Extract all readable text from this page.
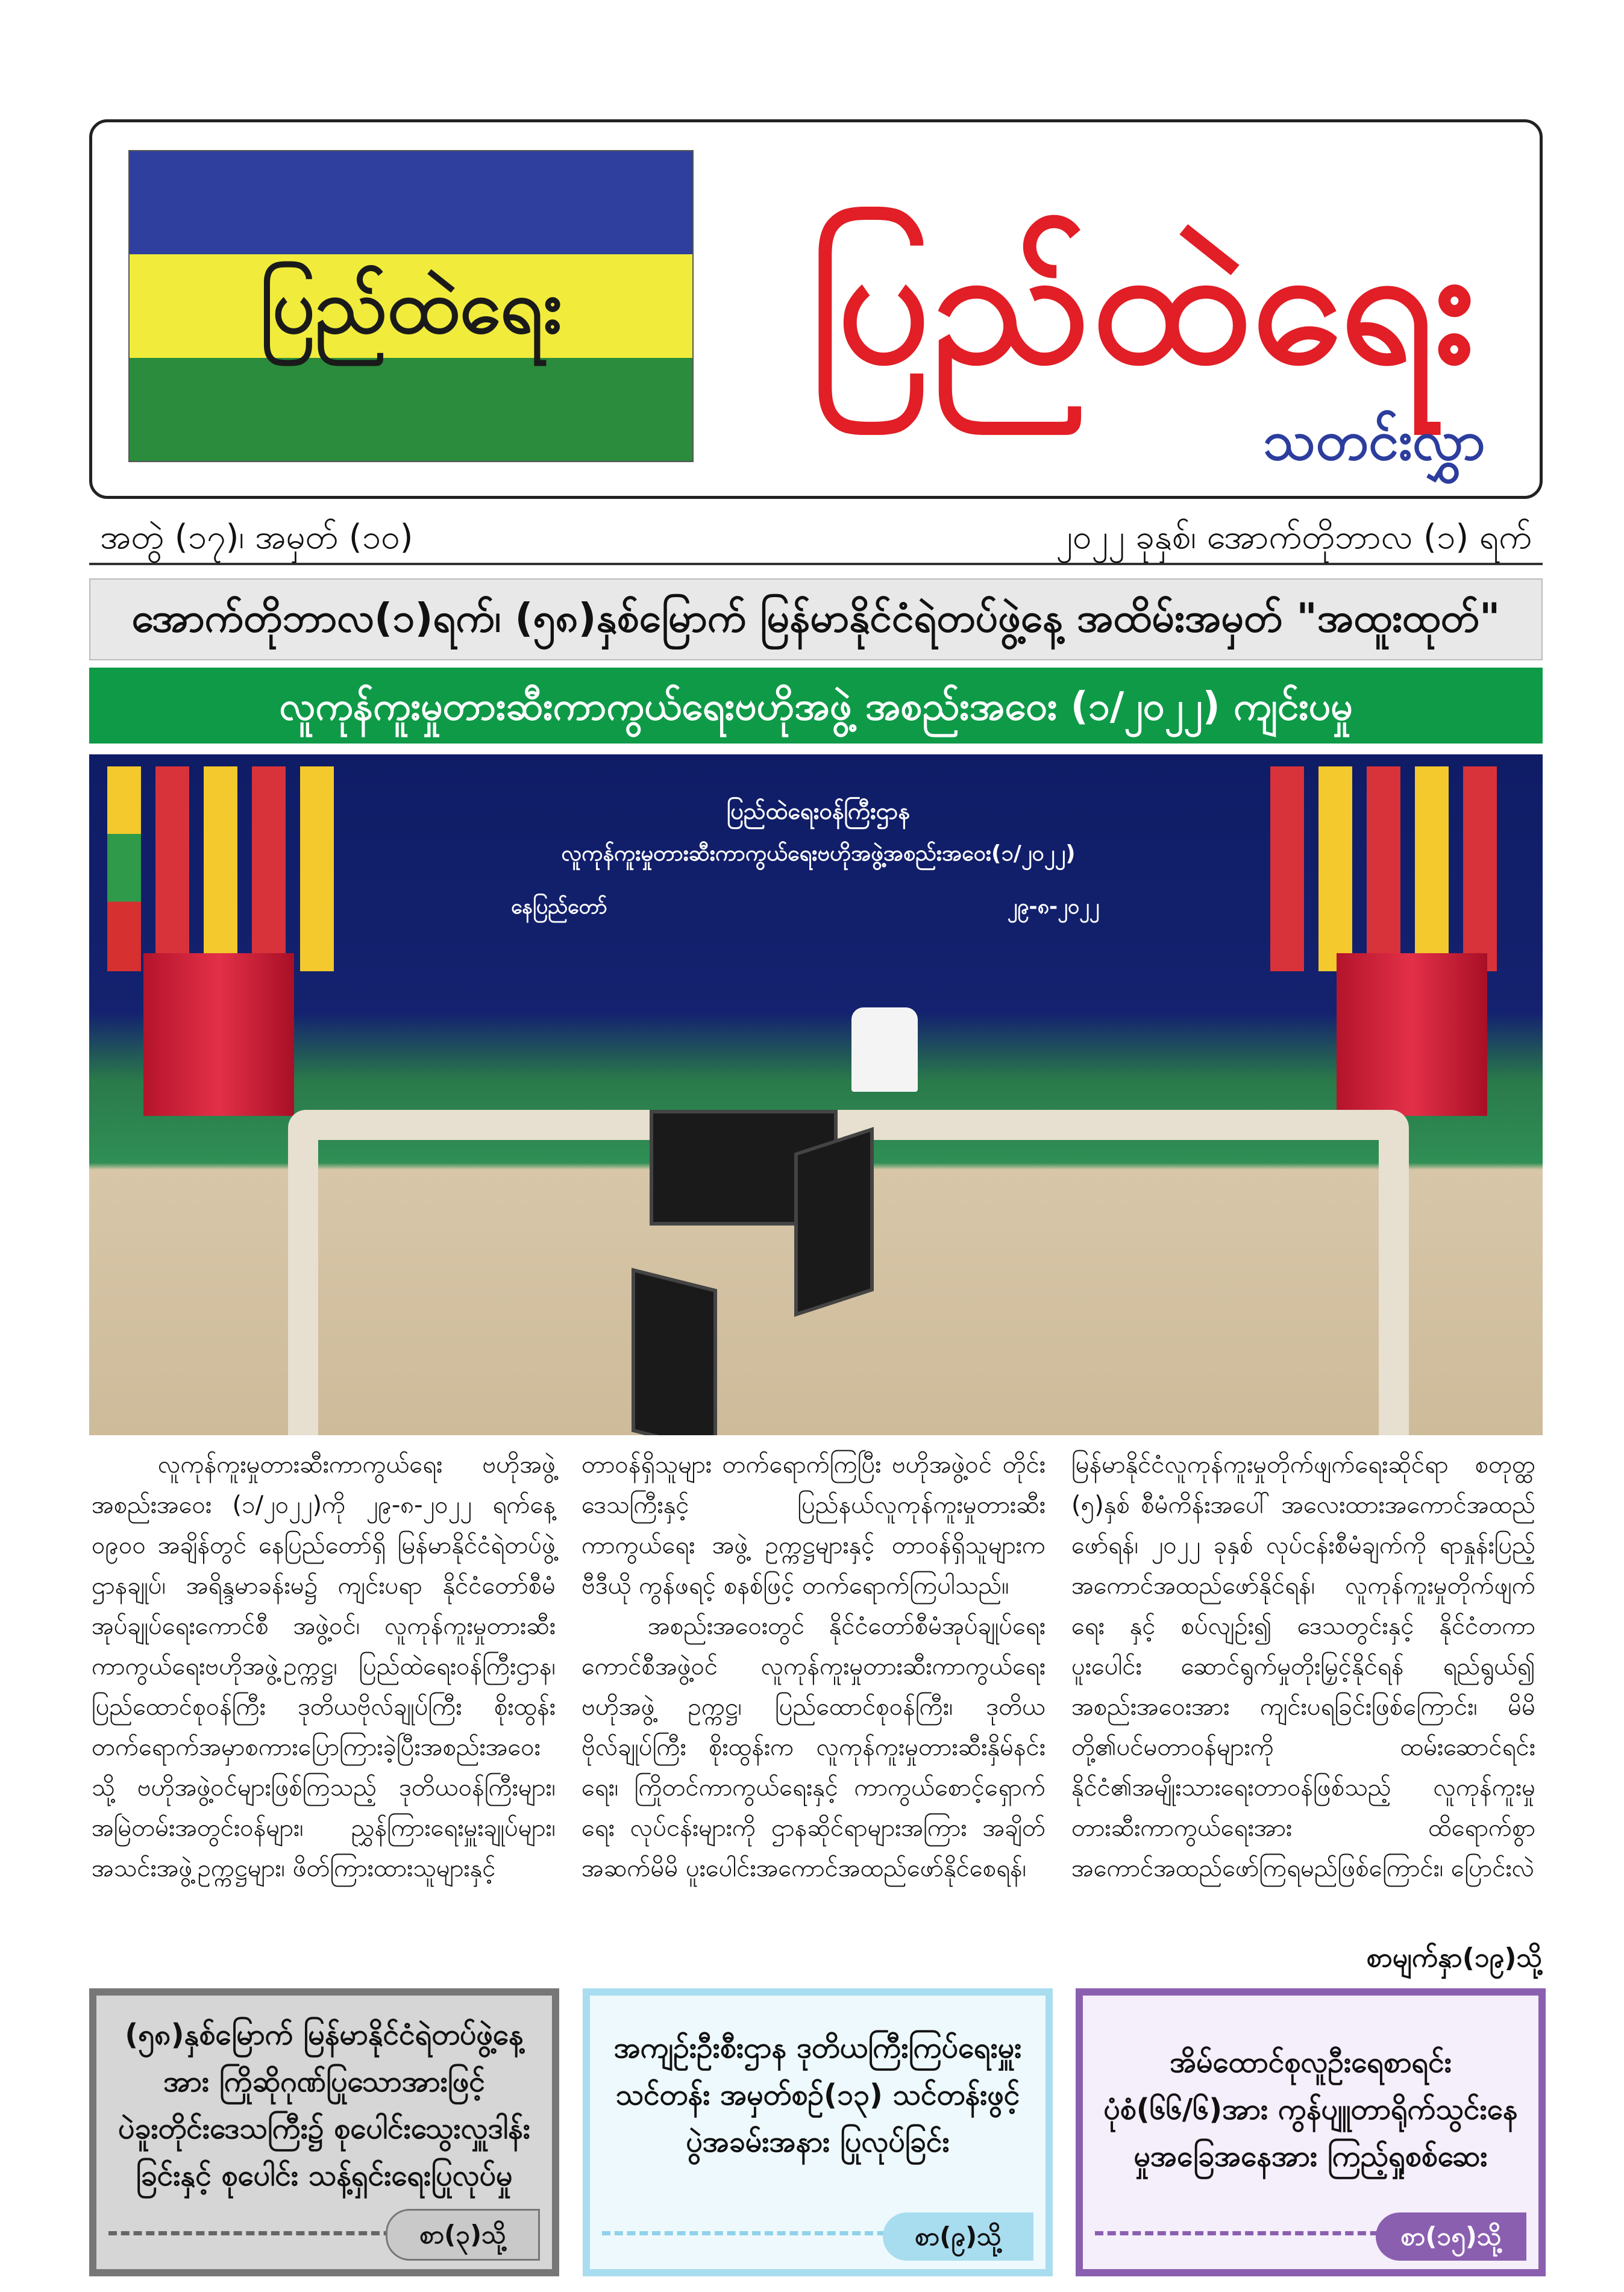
ပြည်ထဲရေး	ပြည်ထဲရေး
သတင်းလွှာ
အတွဲ (၁၇)၊ အမှတ် (၁၀)	၂၀၂၂ ခုနှစ်၊ အောက်တိုဘာလ (၁) ရက်
အောက်တိုဘာလ(၁)ရက်၊ (၅၈)နှစ်မြောက် မြန်မာနိုင်ငံရဲတပ်ဖွဲ့နေ့ အထိမ်းအမှတ် "အထူးထုတ်"
လူကုန်ကူးမှုတားဆီးကာကွယ်ရေးဗဟိုအဖွဲ့ အစည်းအဝေး (၁/၂၀၂၂) ကျင်းပမှု
ပြည်ထဲရေးဝန်ကြီးဌာန
လူကုန်ကူးမှုတားဆီးကာကွယ်ရေးဗဟိုအဖွဲ့အစည်းအဝေး(၁/၂၀၂၂)
နေပြည်တော်	၂၉-၈-၂၀၂၂
လူကုန်ကူးမှုတားဆီးကာကွယ်ရေး ဗဟိုအဖွဲ့ အစည်းအဝေး (၁/၂၀၂၂)ကို ၂၉-၈-၂၀၂၂ ရက်နေ့ ၀၉၀၀ အချိန်တွင် နေပြည်တော်ရှိ မြန်မာနိုင်ငံရဲတပ်ဖွဲ့ ဌာနချုပ်၊ အရိန္ဒမာခန်းမ၌ ကျင်းပရာ နိုင်ငံတော်စီမံ အုပ်ချုပ်ရေးကောင်စီ အဖွဲ့ဝင်၊ လူကုန်ကူးမှုတားဆီး ကာကွယ်ရေးဗဟိုအဖွဲ့ဥက္ကဋ္ဌ၊ ပြည်ထဲရေးဝန်ကြီးဌာန၊ ပြည်ထောင်စုဝန်ကြီး ဒုတိယဗိုလ်ချုပ်ကြီး စိုးထွန်း တက်ရောက်အမှာစကားပြောကြားခဲ့ပြီးအစည်းအဝေးသို့ ဗဟိုအဖွဲ့ဝင်များဖြစ်ကြသည့် ဒုတိယဝန်ကြီးများ၊ အမြဲတမ်းအတွင်းဝန်များ၊ ညွှန်ကြားရေးမှူးချုပ်များ၊ အသင်းအဖွဲ့ဥက္ကဋ္ဌများ၊ ဖိတ်ကြားထားသူများနှင့်
တာဝန်ရှိသူများ တက်ရောက်ကြပြီး ဗဟိုအဖွဲ့ဝင် တိုင်း ဒေသကြီးနှင့် ပြည်နယ်လူကုန်ကူးမှုတားဆီးကာကွယ်ရေး အဖွဲ့ ဥက္ကဋ္ဌများနှင့် တာဝန်ရှိသူများက ဗီဒီယို ကွန်ဖရင့် စနစ်ဖြင့် တက်ရောက်ကြပါသည်။
အစည်းအဝေးတွင် နိုင်ငံတော်စီမံအုပ်ချုပ်ရေး ကောင်စီအဖွဲ့ဝင် လူကုန်ကူးမှုတားဆီးကာကွယ်ရေး ဗဟိုအဖွဲ့ ဥက္ကဋ္ဌ၊ ပြည်ထောင်စုဝန်ကြီး၊ ဒုတိယ ဗိုလ်ချုပ်ကြီး စိုးထွန်းက လူကုန်ကူးမှုတားဆီးနှိမ်နင်းရေး၊ ကြိုတင်ကာကွယ်ရေးနှင့် ကာကွယ်စောင့်ရှောက်ရေး လုပ်ငန်းများကို ဌာနဆိုင်ရာများအကြား အချိတ် အဆက်မိမိ ပူးပေါင်းအကောင်အထည်ဖော်နိုင်စေရန်၊
မြန်မာနိုင်ငံလူကုန်ကူးမှုတိုက်ဖျက်ရေးဆိုင်ရာ စတုတ္ထ (၅)နှစ် စီမံကိန်းအပေါ် အလေးထားအကောင်အထည် ဖော်ရန်၊ ၂၀၂၂ ခုနှစ် လုပ်ငန်းစီမံချက်ကို ရာနှုန်းပြည့် အကောင်အထည်ဖော်နိုင်ရန်၊ လူကုန်ကူးမှုတိုက်ဖျက်ရေး နှင့် စပ်လျဉ်း၍ ဒေသတွင်းနှင့် နိုင်ငံတကာ ပူးပေါင်း ဆောင်ရွက်မှုတိုးမြှင့်နိုင်ရန် ရည်ရွယ်၍ အစည်းအဝေးအား ကျင်းပရခြင်းဖြစ်ကြောင်း၊ မိမိတို့၏ပင်မတာဝန်များကို ထမ်းဆောင်ရင်း နိုင်ငံ၏အမျိုးသားရေးတာဝန်ဖြစ်သည့် လူကုန်ကူးမှုတားဆီးကာကွယ်ရေးအား ထိရောက်စွာ အကောင်အထည်ဖော်ကြရမည်ဖြစ်ကြောင်း၊ ပြောင်းလဲ
စာမျက်နှာ(၁၉)သို့
(၅၈)နှစ်မြောက် မြန်မာနိုင်ငံရဲတပ်ဖွဲ့နေ့အား ကြိုဆိုဂုဏ်ပြုသောအားဖြင့် ပဲခူးတိုင်းဒေသကြီး၌ စုပေါင်းသွေးလှူဒါန်းခြင်းနှင့် စုပေါင်း သန့်ရှင်းရေးပြုလုပ်မှု
စာ(၃)သို့
အကျဉ်းဦးစီးဌာန ဒုတိယကြီးကြပ်ရေးမှူးသင်တန်း အမှတ်စဉ်(၁၃) သင်တန်းဖွင့်ပွဲအခမ်းအနား ပြုလုပ်ခြင်း
စာ(၉)သို့
အိမ်ထောင်စုလူဦးရေစာရင်း ပုံစံ(၆၆/၆)အား ကွန်ပျူတာရိုက်သွင်းနေမှုအခြေအနေအား ကြည့်ရှုစစ်ဆေး
စာ(၁၅)သို့
